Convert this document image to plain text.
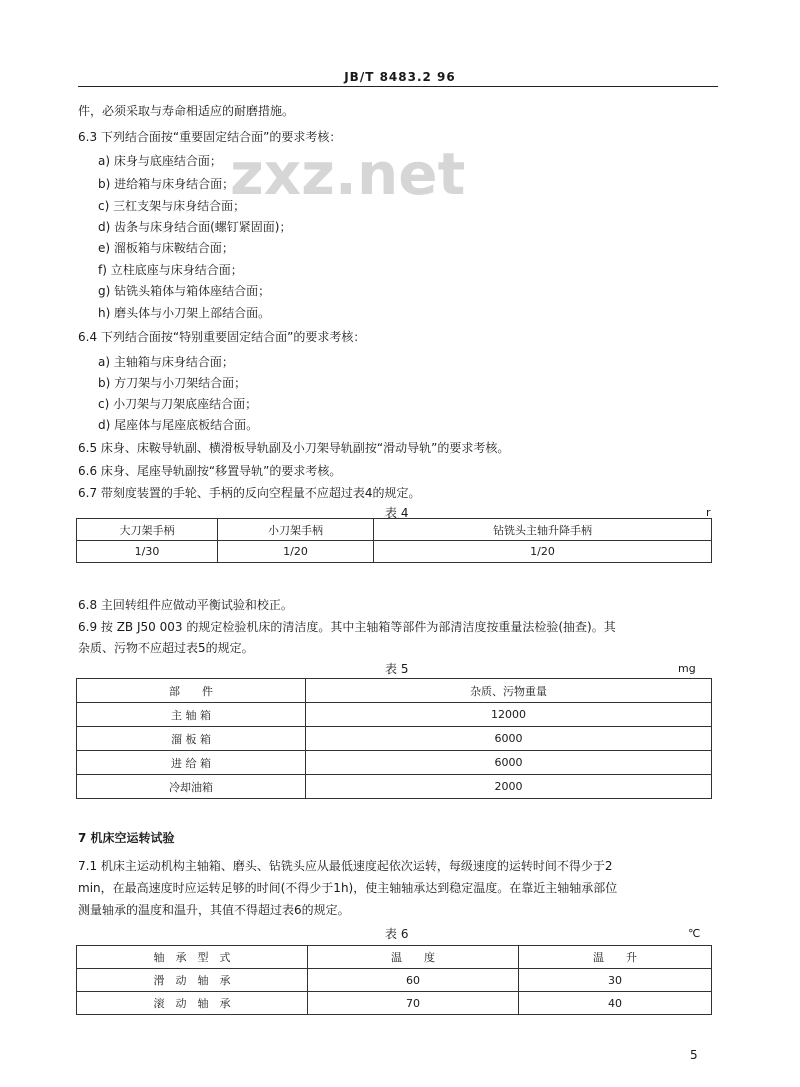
JB/T 8483.2 96
zxz.net
件，必须采取与寿命相适应的耐磨措施。
6.3 下列结合面按“重要固定结合面”的要求考核：
a) 床身与底座结合面；
b) 进给箱与床身结合面；
c) 三杠支架与床身结合面；
d) 齿条与床身结合面(螺钉紧固面)；
e) 溜板箱与床鞍结合面；
f) 立柱底座与床身结合面；
g) 钻铣头箱体与箱体座结合面；
h) 磨头体与小刀架上部结合面。
6.4 下列结合面按“特别重要固定结合面”的要求考核：
a) 主轴箱与床身结合面；
b) 方刀架与小刀架结合面；
c) 小刀架与刀架底座结合面；
d) 尾座体与尾座底板结合面。
6.5 床身、床鞍导轨副、横滑板导轨副及小刀架导轨副按“滑动导轨”的要求考核。
6.6 床身、尾座导轨副按“移置导轨”的要求考核。
6.7 带刻度装置的手轮、手柄的反向空程量不应超过表4的规定。
表 4	r
大刀架手柄	小刀架手柄	钻铣头主轴升降手柄
1/30	1/20	1/20
6.8 主回转组件应做动平衡试验和校正。
6.9 按 ZB J50 003 的规定检验机床的清洁度。其中主轴箱等部件为部清洁度按重量法检验(抽查)。其
杂质、污物不应超过表5的规定。
表 5	mg
部　　件	杂质、污物重量
主 轴 箱	12000
溜 板 箱	6000
进 给 箱	6000
冷却油箱	2000
7 机床空运转试验
7.1 机床主运动机构主轴箱、磨头、钻铣头应从最低速度起依次运转，每级速度的运转时间不得少于2
min，在最高速度时应运转足够的时间(不得少于1h)，使主轴轴承达到稳定温度。在靠近主轴轴承部位
测量轴承的温度和温升，其值不得超过表6的规定。
表 6	℃
轴　承　型　式	温　　度	温　　升
滑　动　轴　承	60	30
滚　动　轴　承	70	40
5
